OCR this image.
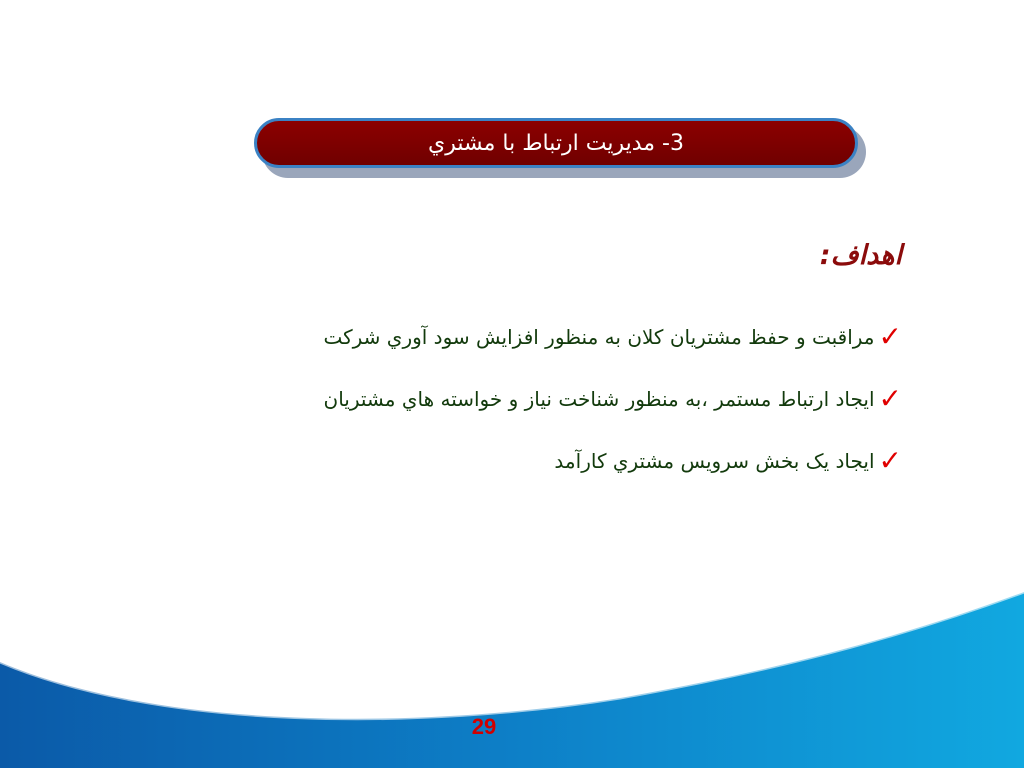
3- مديريت ارتباط با مشتري
اهداف:
✓
مراقبت و حفظ مشتريان كلان به منظور افزايش سود آوري شركت
✓
ايجاد ارتباط مستمر ،به منظور شناخت نياز و خواسته هاي مشتريان
✓
ايجاد يک بخش سرويس مشتري كارآمد
29
